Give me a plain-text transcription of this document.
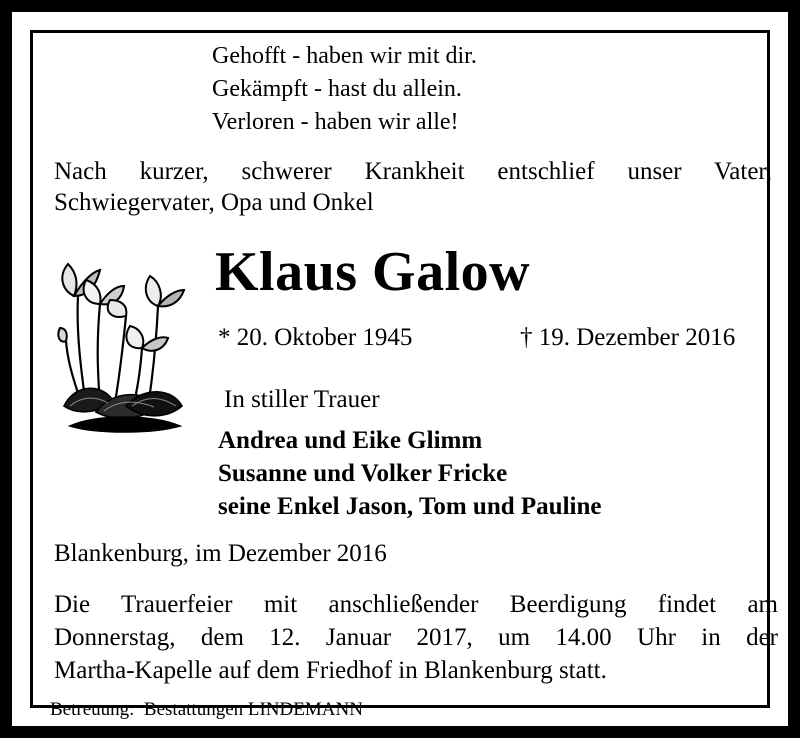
Gehofft - haben wir mit dir.
Gekämpft - hast du allein.
Verloren - haben wir alle!
Nach kurzer, schwerer Krankheit entschlief unser Vater,
Schwiegervater, Opa und Onkel
Klaus Galow
* 20. Oktober 1945	† 19. Dezember 2016
In stiller Trauer
Andrea und Eike Glimm
Susanne und Volker Fricke
seine Enkel Jason, Tom und Pauline
Blankenburg, im Dezember 2016
Die Trauerfeier mit anschließender Beerdigung findet am
Donnerstag, dem 12. Januar 2017, um 14.00 Uhr in der
Martha-Kapelle auf dem Friedhof in Blankenburg statt.
Betreuung:  Bestattungen LINDEMANN
